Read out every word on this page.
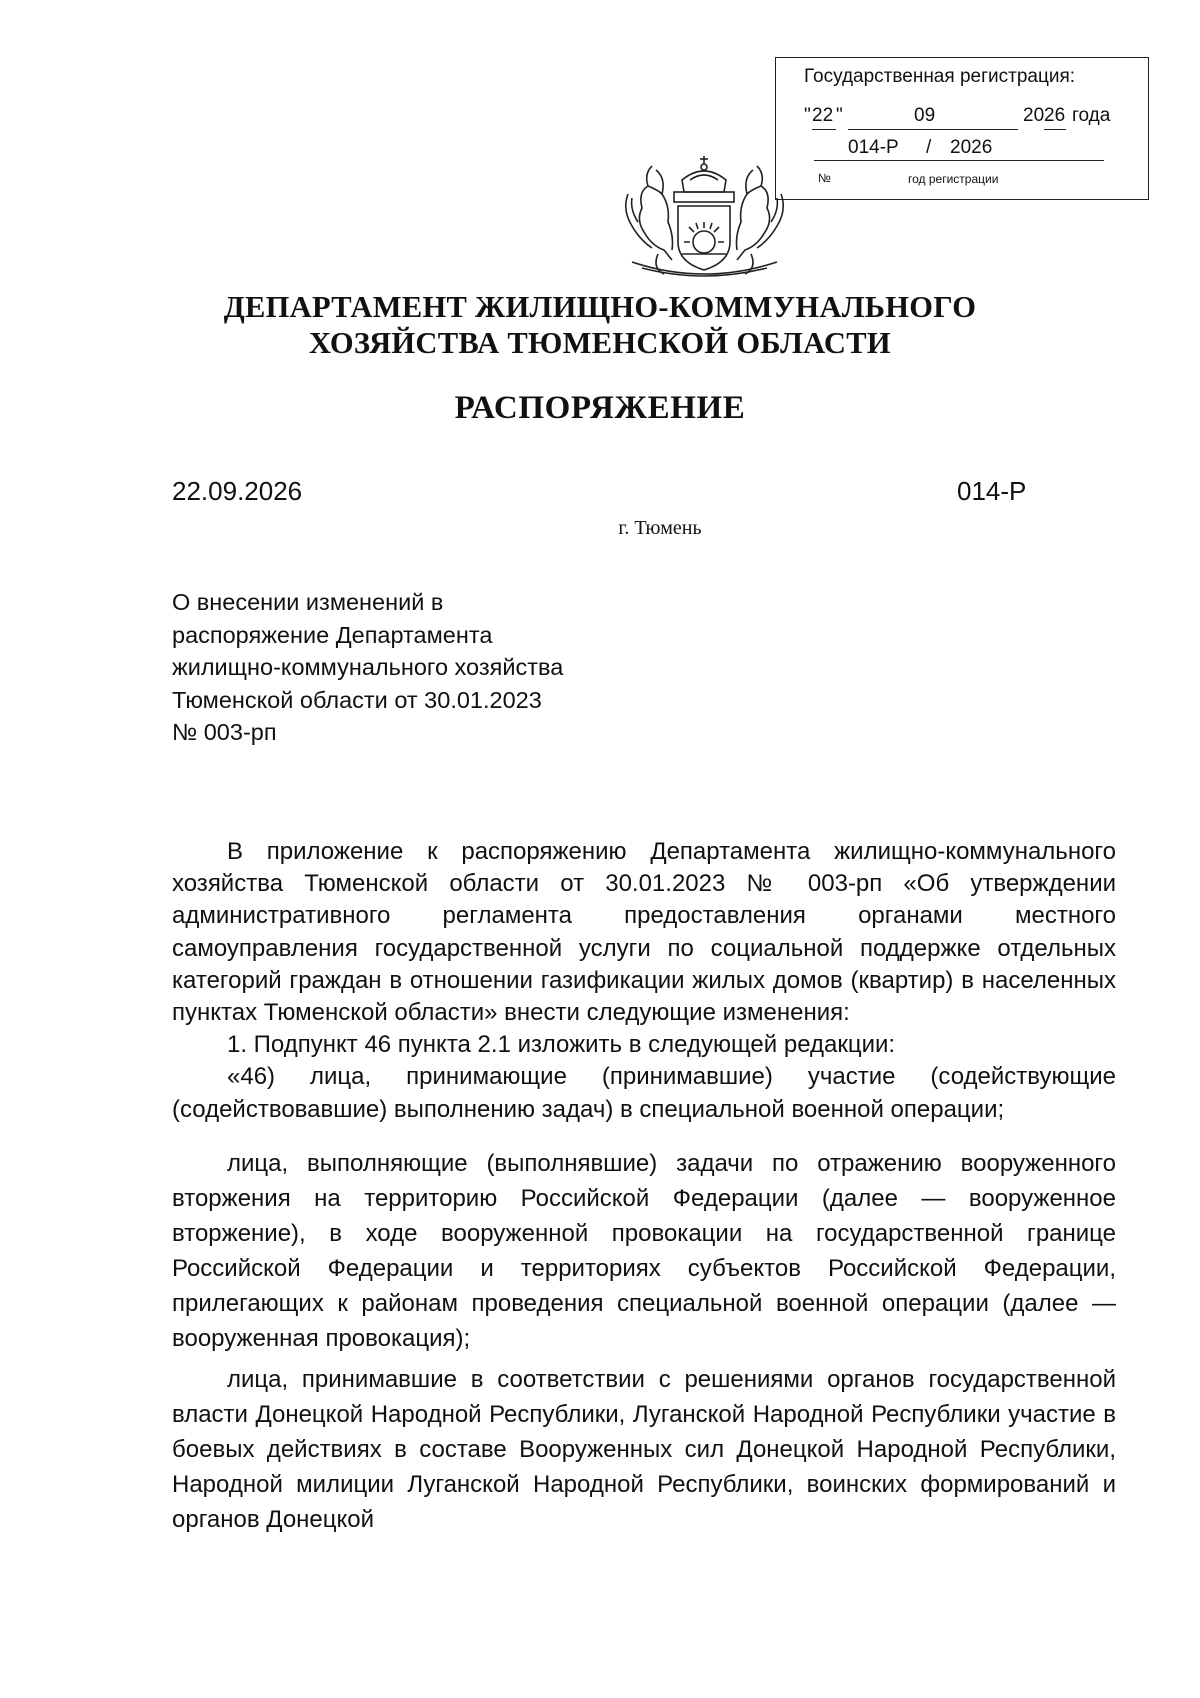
Государственная регистрация:
" 22 "	09	20 26 года
014-Р / 2026
№	год регистрации
ДЕПАРТАМЕНТ ЖИЛИЩНО-КОММУНАЛЬНОГО
ХОЗЯЙСТВА ТЮМЕНСКОЙ ОБЛАСТИ
РАСПОРЯЖЕНИЕ
22.09.2026	014-Р
г. Тюмень
О внесении изменений в
распоряжение Департамента
жилищно-коммунального хозяйства
Тюменской области от 30.01.2023
№ 003-рп
В приложение к распоряжению Департамента жилищно-коммунального хозяйства Тюменской области от 30.01.2023 № 003-рп «Об утверждении административного регламента предоставления органами местного самоуправления государственной услуги по социальной поддержке отдельных категорий граждан в отношении газификации жилых домов (квартир) в населенных пунктах Тюменской области» внести следующие изменения:
1. Подпункт 46 пункта 2.1 изложить в следующей редакции:
«46) лица, принимающие (принимавшие) участие (содействующие (содействовавшие) выполнению задач) в специальной военной операции;
лица, выполняющие (выполнявшие) задачи по отражению вооруженного вторжения на территорию Российской Федерации (далее — вооруженное вторжение), в ходе вооруженной провокации на государственной границе Российской Федерации и территориях субъектов Российской Федерации, прилегающих к районам проведения специальной военной операции (далее — вооруженная провокация);
лица, принимавшие в соответствии с решениями органов государственной власти Донецкой Народной Республики, Луганской Народной Республики участие в боевых действиях в составе Вооруженных сил Донецкой Народной Республики, Народной милиции Луганской Народной Республики, воинских формирований и органов Донецкой
